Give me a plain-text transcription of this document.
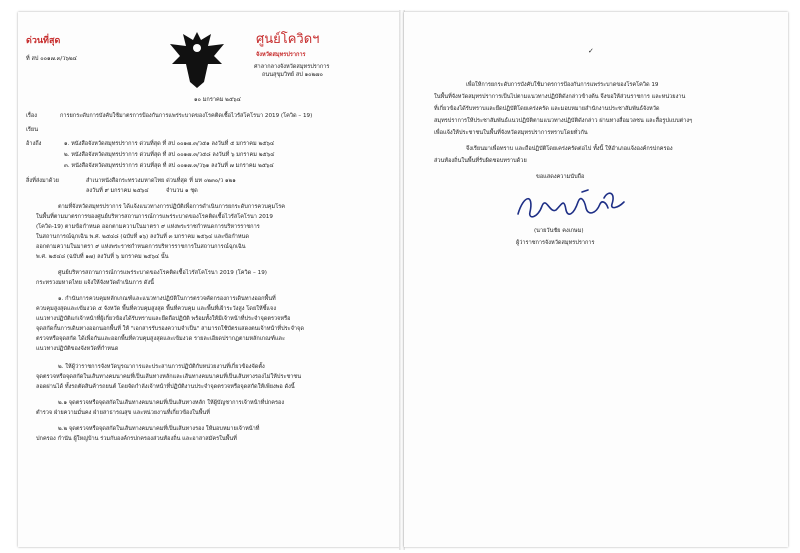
ด่วนที่สุด
ที่ สป ๐๐๑๗.๓/ว๖๒๔
ศูนย์โควิดฯ
จังหวัดสมุทรปราการ
ศาลากลางจังหวัดสมุทรปราการ
ถนนสุขุมวิทย์ สป ๑๐๒๗๐
๑๐ มกราคม ๒๕๖๔
เรื่อง	การยกระดับการบังคับใช้มาตรการป้องกันการแพร่ระบาดของโรคติดเชื้อไวรัสโคโรนา 2019 (โควิด – 19)
เรียน
อ้างถึง	๑. หนังสือจังหวัดสมุทรปราการ ด่วนที่สุด ที่ สป ๐๐๑๗.๓/ว๕๑ ลงวันที่ ๕ มกราคม ๒๕๖๔
๒. หนังสือจังหวัดสมุทรปราการ ด่วนที่สุด ที่ สป ๐๐๑๗.๓/ว๕๘ ลงวันที่ ๖ มกราคม ๒๕๖๔
๓. หนังสือจังหวัดสมุทรปราการ ด่วนที่สุด ที่ สป ๐๐๑๗.๓/ว๖๑ ลงวันที่ ๗ มกราคม ๒๕๖๔
สิ่งที่ส่งมาด้วย	สำเนาหนังสือกระทรวงมหาดไทย ด่วนที่สุด ที่ มท ๐๒๓๐/ว ๑๒๑
ลงวันที่ ๙ มกราคม ๒๕๖๔	จำนวน ๑ ชุด
ตามที่จังหวัดสมุทรปราการ ได้แจ้งแนวทางการปฏิบัติเพื่อการดำเนินการยกระดับการควบคุมโรค
ในพื้นที่ตามมาตรการของศูนย์บริหารสถานการณ์การแพร่ระบาดของโรคติดเชื้อไวรัสโคโรนา 2019
(โควิด-19) ตามข้อกำหนด ออกตามความในมาตรา ๙ แห่งพระราชกำหนดการบริหารราชการ
ในสถานการณ์ฉุกเฉิน พ.ศ. ๒๕๔๘ (ฉบับที่ ๑๖) ลงวันที่ ๓ มกราคม ๒๕๖๔ และข้อกำหนด
ออกตามความในมาตรา ๙ แห่งพระราชกำหนดการบริหารราชการในสถานการณ์ฉุกเฉิน
พ.ศ. ๒๕๔๘ (ฉบับที่ ๑๗) ลงวันที่ ๖ มกราคม ๒๕๖๔ นั้น
ศูนย์บริหารสถานการณ์การแพร่ระบาดของโรคติดเชื้อไวรัสโคโรนา 2019 (โควิด – 19)
กระทรวงมหาดไทย แจ้งให้จังหวัดดำเนินการ ดังนี้
๑. กำนันการควบคุมหลักเกณฑ์และแนวทางปฏิบัติในการตรวจคัดกรองการเดินทางออกพื้นที่
ควบคุมสูงสุดและเข้มงวด ๕ จังหวัด พื้นที่ควบคุมสูงสุด พื้นที่ควบคุม และพื้นที่เฝ้าระวังสูง โดยให้ชี้แจง
แนวทางปฏิบัติแก่เจ้าหน้าที่ผู้เกี่ยวข้องได้รับทราบและยึดถือปฏิบัติ พร้อมทั้งให้มีเจ้าหน้าที่ประจำจุดตรวจหรือ
จุดสกัดกั้นการเดินทางออกนอกพื้นที่ ให้ "เอกสารรับรองความจำเป็น" สามารถใช้บัตรแสดงตนเจ้าหน้าที่ประจำจุด
ตรวจหรือจุดสกัด ได้เพื่อกันและออกพื้นที่ควบคุมสูงสุดและเข้มงวด รายละเอียดปรากฏตามหลักเกณฑ์และ
แนวทางปฏิบัติของจังหวัดที่กำหนด
๒. ให้ผู้ว่าราชการจังหวัดบูรณาการและประสานการปฏิบัติกับหน่วยงานที่เกี่ยวข้องจัดตั้ง
จุดตรวจหรือจุดสกัดในเส้นทางคมนาคมที่เป็นเส้นทางหลักและเส้นทางคมนาคมที่เป็นเส้นทางรองไม่ให้ประชาชน
ลอดผ่านได้ ทั้งรถตัดสินค้ารถยนต์ โดยจัดกำลังเจ้าหน้าที่ปฏิบัติงานประจำจุดตรวจหรือจุดสกัดให้เพียงพอ ดังนี้
๒.๑ จุดตรวจหรือจุดสกัดในเส้นทางคมนาคมที่เป็นเส้นทางหลัก ให้ผู้บัญชาการเจ้าหน้าที่ปกครอง
ตำรวจ ฝ่ายความมั่นคง ฝ่ายสาธารณสุข และหน่วยงานที่เกี่ยวข้องในพื้นที่
๒.๒ จุดตรวจหรือจุดสกัดในเส้นทางคมนาคมที่เป็นเส้นทางรอง ให้มอบหมายเจ้าหน้าที่
ปกครอง กำนัน ผู้ใหญ่บ้าน ร่วมกับองค์กรปกครองส่วนท้องถิ่น และอาสาสมัครในพื้นที่
✓
เพื่อให้การยกระดับการบังคับใช้มาตรการป้องกันการแพร่ระบาดของโรคโควิด 19
ในพื้นที่จังหวัดสมุทรปราการเป็นไปตามแนวทางปฏิบัติดังกล่าวข้างต้น จึงขอให้ส่วนราชการ และหน่วยงาน
ที่เกี่ยวข้องได้รับทราบและยึดปฏิบัติโดยเคร่งครัด และมอบหมายสำนักงานประชาสัมพันธ์จังหวัด
สมุทรปราการให้ประชาสัมพันธ์แนวปฏิบัติตามแนวทางปฏิบัติดังกล่าว ผ่านทางสื่อมวลชน และสื่อรูปแบบต่างๆ
เพื่อแจ้งให้ประชาชนในพื้นที่จังหวัดสมุทรปราการทราบโดยทั่วกัน
จึงเรียนมาเพื่อทราบ และถือปฏิบัติโดยเคร่งครัดต่อไป ทั้งนี้ ให้อำเภอแจ้งองค์กรปกครอง
ส่วนท้องถิ่นในพื้นที่รับผิดชอบทราบด้วย
ขอแสดงความนับถือ
(นายวันชัย คงเกษม)
ผู้ว่าราชการจังหวัดสมุทรปราการ
